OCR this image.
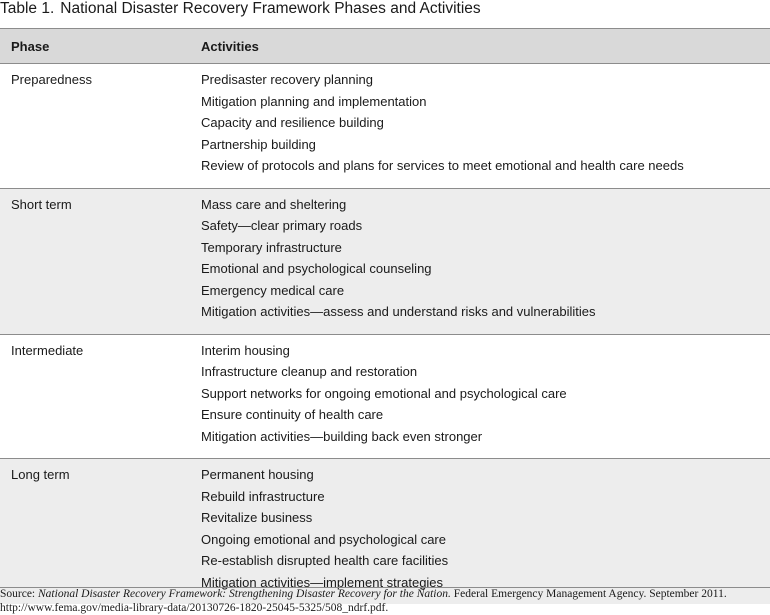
Table 1. National Disaster Recovery Framework Phases and Activities
Phase	Activities
Preparedness	Predisaster recovery planning
Mitigation planning and implementation
Capacity and resilience building
Partnership building
Review of protocols and plans for services to meet emotional and health care needs
Short term	Mass care and sheltering
Safety—clear primary roads
Temporary infrastructure
Emotional and psychological counseling
Emergency medical care
Mitigation activities—assess and understand risks and vulnerabilities
Intermediate	Interim housing
Infrastructure cleanup and restoration
Support networks for ongoing emotional and psychological care
Ensure continuity of health care
Mitigation activities—building back even stronger
Long term	Permanent housing
Rebuild infrastructure
Revitalize business
Ongoing emotional and psychological care
Re-establish disrupted health care facilities
Mitigation activities—implement strategies
Source: National Disaster Recovery Framework: Strengthening Disaster Recovery for the Nation. Federal Emergency Management Agency. September 2011.
http://www.fema.gov/media-library-data/20130726-1820-25045-5325/508_ndrf.pdf.
